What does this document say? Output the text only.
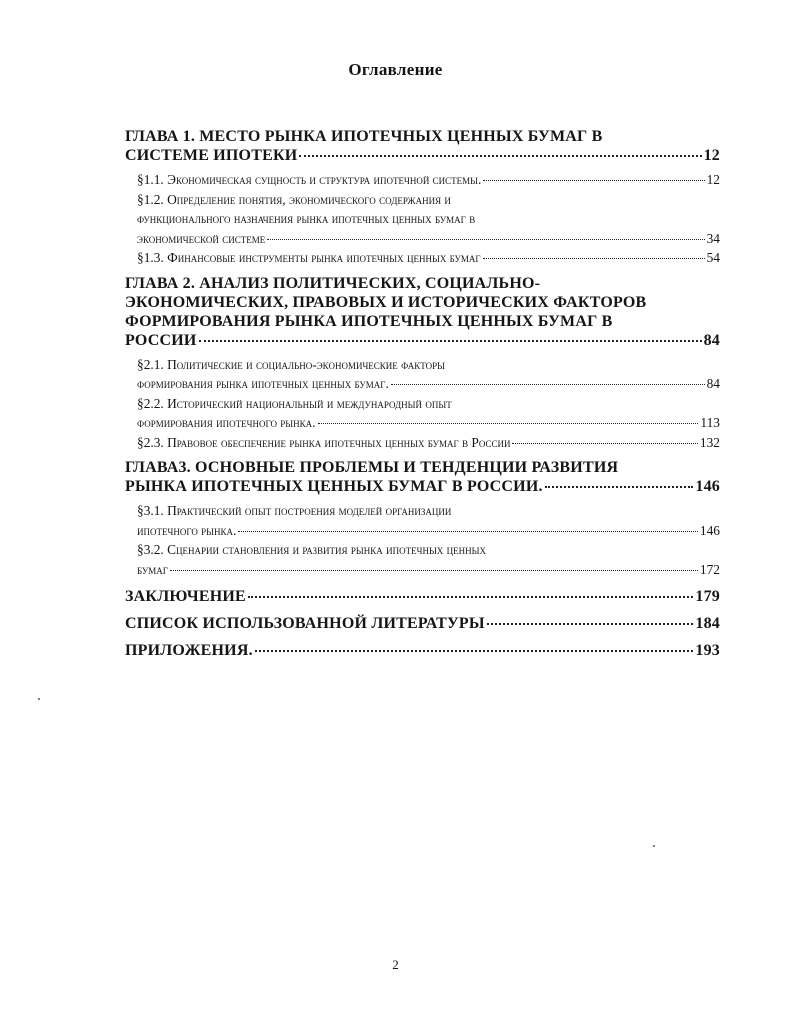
Оглавление
ГЛАВА 1. МЕСТО РЫНКА ИПОТЕЧНЫХ ЦЕННЫХ БУМАГ В
СИСТЕМЕ ИПОТЕКИ	12
§1.1. Экономическая сущность и структура ипотечной системы.	12
§1.2. Определение понятия, экономического содержания и
функционального назначения рынка ипотечных ценных бумаг в
экономической системе	34
§1.3. Финансовые инструменты рынка ипотечных ценных бумаг	54
ГЛАВА 2. АНАЛИЗ ПОЛИТИЧЕСКИХ, СОЦИАЛЬНО-
ЭКОНОМИЧЕСКИХ, ПРАВОВЫХ И ИСТОРИЧЕСКИХ ФАКТОРОВ
ФОРМИРОВАНИЯ РЫНКА ИПОТЕЧНЫХ ЦЕННЫХ БУМАГ В
РОССИИ	84
§2.1. Политические и социально-экономические факторы
формирования рынка ипотечных ценных бумаг.	84
§2.2. Исторический национальный и международный опыт
формирования ипотечного рынка.	113
§2.3. Правовое обеспечение рынка ипотечных ценных бумаг в России	132
ГЛАВА3. ОСНОВНЫЕ ПРОБЛЕМЫ И ТЕНДЕНЦИИ РАЗВИТИЯ
РЫНКА ИПОТЕЧНЫХ ЦЕННЫХ БУМАГ В РОССИИ.	146
§3.1. Практический опыт построения моделей организации
ипотечного рынка.	146
§3.2. Сценарии становления и развития рынка ипотечных ценных
бумаг	172
ЗАКЛЮЧЕНИЕ	179
СПИСОК ИСПОЛЬЗОВАННОЙ ЛИТЕРАТУРЫ	184
ПРИЛОЖЕНИЯ.	193
2
